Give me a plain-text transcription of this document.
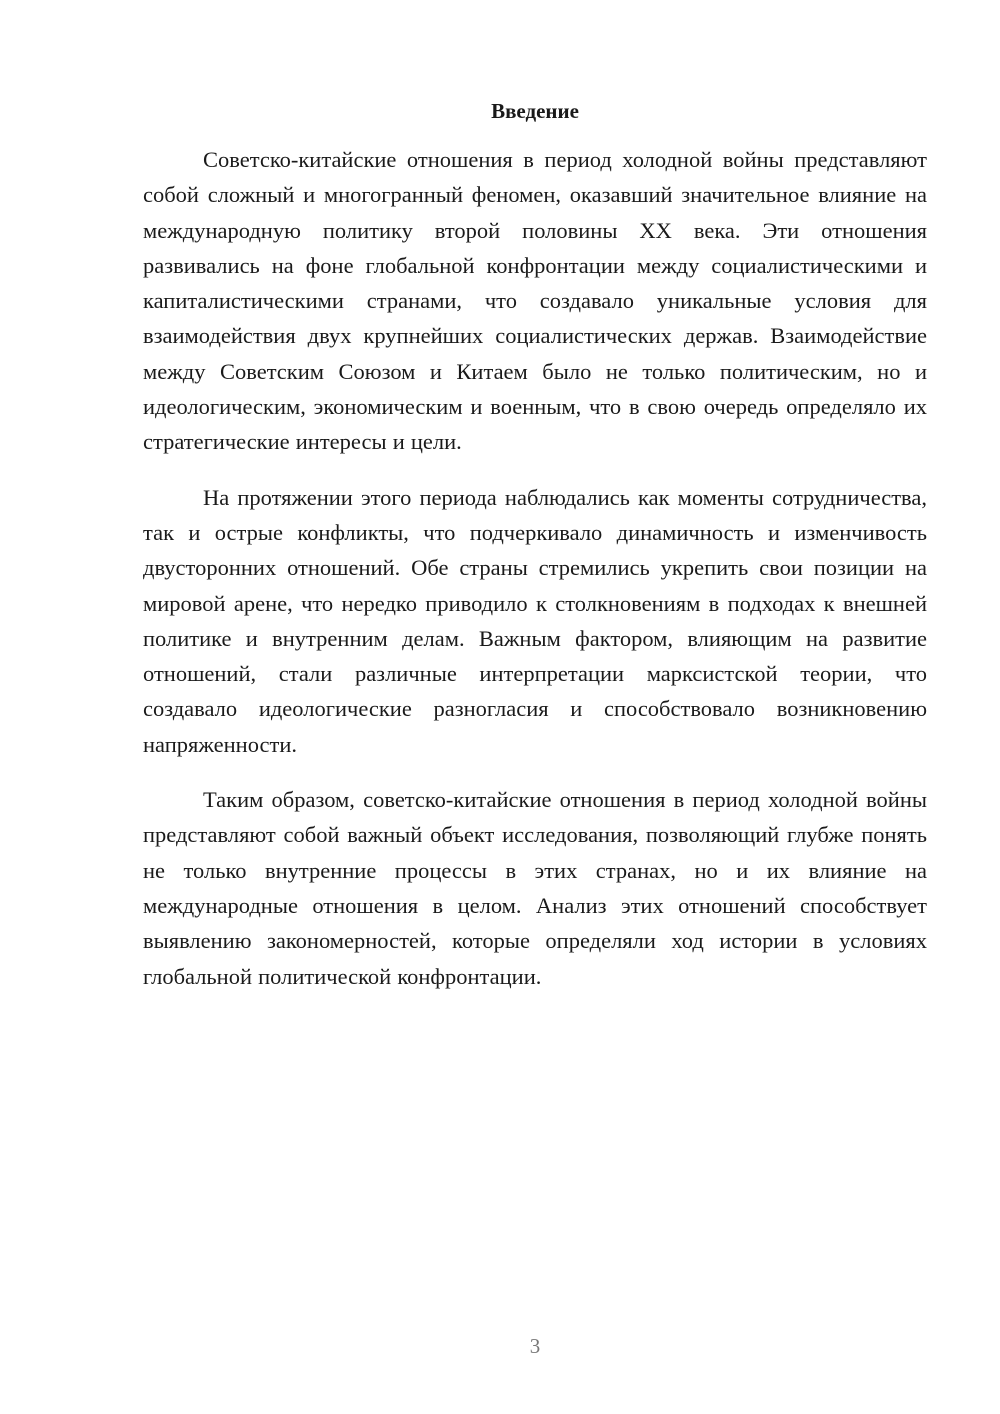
Введение

Советско-китайские отношения в период холодной войны представляют собой сложный и многогранный феномен, оказавший значительное влияние на международную политику второй половины XX века. Эти отношения развивались на фоне глобальной конфронтации между социалистическими и капиталистическими странами, что создавало уникальные условия для взаимодействия двух крупнейших социалистических держав. Взаимодействие между Советским Союзом и Китаем было не только политическим, но и идеологическим, экономическим и военным, что в свою очередь определяло их стратегические интересы и цели.

На протяжении этого периода наблюдались как моменты сотрудничества, так и острые конфликты, что подчеркивало динамичность и изменчивость двусторонних отношений. Обе страны стремились укрепить свои позиции на мировой арене, что нередко приводило к столкновениям в подходах к внешней политике и внутренним делам. Важным фактором, влияющим на развитие отношений, стали различные интерпретации марксистской теории, что создавало идеологические разногласия и способствовало возникновению напряженности.

Таким образом, советско-китайские отношения в период холодной войны представляют собой важный объект исследования, позволяющий глубже понять не только внутренние процессы в этих странах, но и их влияние на международные отношения в целом. Анализ этих отношений способствует выявлению закономерностей, которые определяли ход истории в условиях глобальной политической конфронтации.

3
